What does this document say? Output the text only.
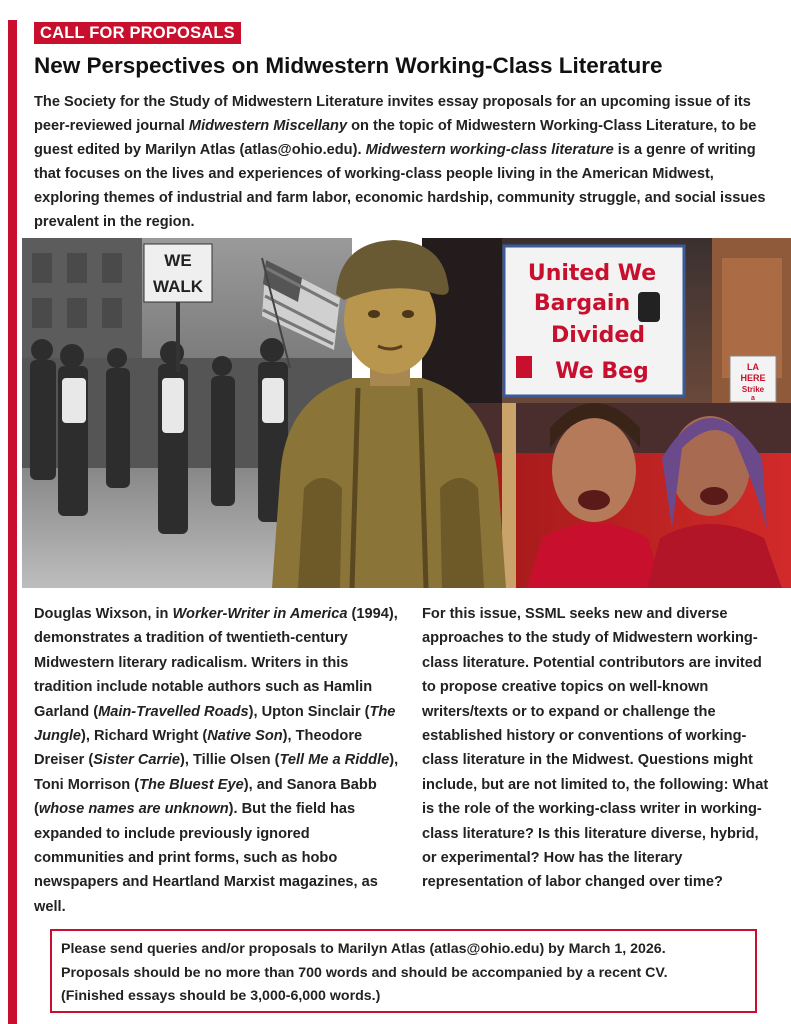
CALL FOR PROPOSALS
New Perspectives on Midwestern Working-Class Literature

The Society for the Study of Midwestern Literature invites essay proposals for an upcoming issue of its peer-reviewed journal Midwestern Miscellany on the topic of Midwestern Working-Class Literature, to be guest edited by Marilyn Atlas (atlas@ohio.edu). Midwestern working-class literature is a genre of writing that focuses on the lives and experiences of working-class people living in the American Midwest, exploring themes of industrial and farm labor, economic hardship, community struggle, and social issues prevalent in the region.

WE
WALK
United We
Bargain
Divided
We Beg	LA
HERE
Strike
a

Douglas Wixson, in Worker-Writer in America (1994), demonstrates a tradition of twentieth-century Midwestern literary radicalism. Writers in this tradition include notable authors such as Hamlin Garland (Main-Travelled Roads), Upton Sinclair (The Jungle), Richard Wright (Native Son), Theodore Dreiser (Sister Carrie), Tillie Olsen (Tell Me a Riddle), Toni Morrison (The Bluest Eye), and Sanora Babb (whose names are unknown). But the field has expanded to include previously ignored communities and print forms, such as hobo newspapers and Heartland Marxist magazines, as well.

For this issue, SSML seeks new and diverse approaches to the study of Midwestern working-class literature. Potential contributors are invited to propose creative topics on well-known writers/texts or to expand or challenge the established history or conventions of working-class literature in the Midwest. Questions might include, but are not limited to, the following: What is the role of the working-class writer in working-class literature? Is this literature diverse, hybrid, or experimental? How has the literary representation of labor changed over time?

Please send queries and/or proposals to Marilyn Atlas (atlas@ohio.edu) by March 1, 2026.

Proposals should be no more than 700 words and should be accompanied by a recent CV.

(Finished essays should be 3,000-6,000 words.)
